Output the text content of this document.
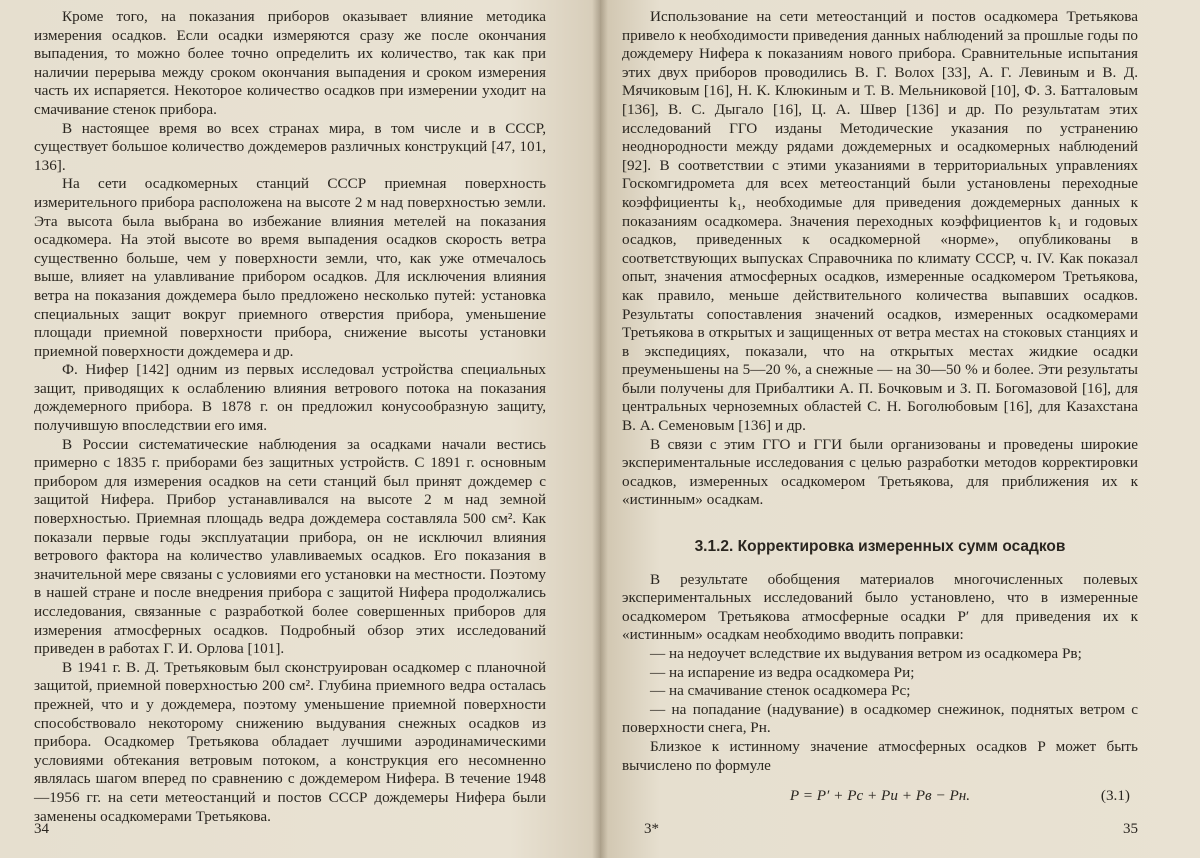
Кроме того, на показания приборов оказывает влияние методика измерения осадков. Если осадки измеряются сразу же после окончания выпадения, то можно более точно определить их количество, так как при наличии перерыва между сроком окончания выпадения и сроком измерения часть их испаряется. Некоторое количество осадков при измерении уходит на смачивание стенок прибора.

В настоящее время во всех странах мира, в том числе и в СССР, существует большое количество дождемеров различных конструкций [47, 101, 136].

На сети осадкомерных станций СССР приемная поверхность измерительного прибора расположена на высоте 2 м над поверхностью земли. Эта высота была выбрана во избежание влияния метелей на показания осадкомера. На этой высоте во время выпадения осадков скорость ветра существенно больше, чем у поверхности земли, что, как уже отмечалось выше, влияет на улавливание прибором осадков. Для исключения влияния ветра на показания дождемера было предложено несколько путей: установка специальных защит вокруг приемного отверстия прибора, уменьшение площади приемной поверхности прибора, снижение высоты установки приемной поверхности дождемера и др.

Ф. Нифер [142] одним из первых исследовал устройства специальных защит, приводящих к ослаблению влияния ветрового потока на показания дождемерного прибора. В 1878 г. он предложил конусообразную защиту, получившую впоследствии его имя.

В России систематические наблюдения за осадками начали вестись примерно с 1835 г. приборами без защитных устройств. С 1891 г. основным прибором для измерения осадков на сети станций был принят дождемер с защитой Нифера. Прибор устанавливался на высоте 2 м над земной поверхностью. Приемная площадь ведра дождемера составляла 500 см². Как показали первые годы эксплуатации прибора, он не исключил влияния ветрового фактора на количество улавливаемых осадков. Его показания в значительной мере связаны с условиями его установки на местности. Поэтому в нашей стране и после внедрения прибора с защитой Нифера продолжались исследования, связанные с разработкой более совершенных приборов для измерения атмосферных осадков. Подробный обзор этих исследований приведен в работах Г. И. Орлова [101].

В 1941 г. В. Д. Третьяковым был сконструирован осадкомер с планочной защитой, приемной поверхностью 200 см². Глубина приемного ведра осталась прежней, что и у дождемера, поэтому уменьшение приемной поверхности способствовало некоторому снижению выдувания снежных осадков из прибора. Осадкомер Третьякова обладает лучшими аэродинамическими условиями обтекания ветровым потоком, а конструкция его несомненно являлась шагом вперед по сравнению с дождемером Нифера. В течение 1948—1956 гг. на сети метеостанций и постов СССР дождемеры Нифера были заменены осадкомерами Третьякова.

34

Использование на сети метеостанций и постов осадкомера Третьякова привело к необходимости приведения данных наблюдений за прошлые годы по дождемеру Нифера к показаниям нового прибора. Сравнительные испытания этих двух приборов проводились В. Г. Волох [33], А. Г. Левиным и В. Д. Мячиковым [16], Н. К. Клюкиным и Т. В. Мельниковой [10], Ф. З. Батталовым [136], В. С. Дыгало [16], Ц. А. Швер [136] и др. По результатам этих исследований ГГО изданы Методические указания по устранению неоднородности между рядами дождемерных и осадкомерных наблюдений [92]. В соответствии с этими указаниями в территориальных управлениях Госкомгидромета для всех метеостанций были установлены переходные коэффициенты k₁, необходимые для приведения дождемерных данных к показаниям осадкомера. Значения переходных коэффициентов k₁ и годовых осадков, приведенных к осадкомерной «норме», опубликованы в соответствующих выпусках Справочника по климату СССР, ч. IV. Как показал опыт, значения атмосферных осадков, измеренные осадкомером Третьякова, как правило, меньше действительного количества выпавших осадков. Результаты сопоставления значений осадков, измеренных осадкомерами Третьякова в открытых и защищенных от ветра местах на стоковых станциях и в экспедициях, показали, что на открытых местах жидкие осадки преуменьшены на 5—20 %, а снежные — на 30—50 % и более. Эти результаты были получены для Прибалтики А. П. Бочковым и З. П. Богомазовой [16], для центральных черноземных областей С. Н. Боголюбовым [16], для Казахстана В. А. Семеновым [136] и др.

В связи с этим ГГО и ГГИ были организованы и проведены широкие экспериментальные исследования с целью разработки методов корректировки осадков, измеренных осадкомером Третьякова, для приближения их к «истинным» осадкам.

3.1.2. Корректировка измеренных сумм осадков

В результате обобщения материалов многочисленных полевых экспериментальных исследований было установлено, что в измеренные осадкомером Третьякова атмосферные осадки P′ для приведения их к «истинным» осадкам необходимо вводить поправки:

— на недоучет вследствие их выдувания ветром из осадкомера Pв;

— на испарение из ведра осадкомера Pи;

— на смачивание стенок осадкомера Pс;

— на попадание (надувание) в осадкомер снежинок, поднятых ветром с поверхности снега, Pн.

Близкое к истинному значение атмосферных осадков P может быть вычислено по формуле

P = P′ + Pс + Pи + Pв − Pн.	(3.1)
3*	35
